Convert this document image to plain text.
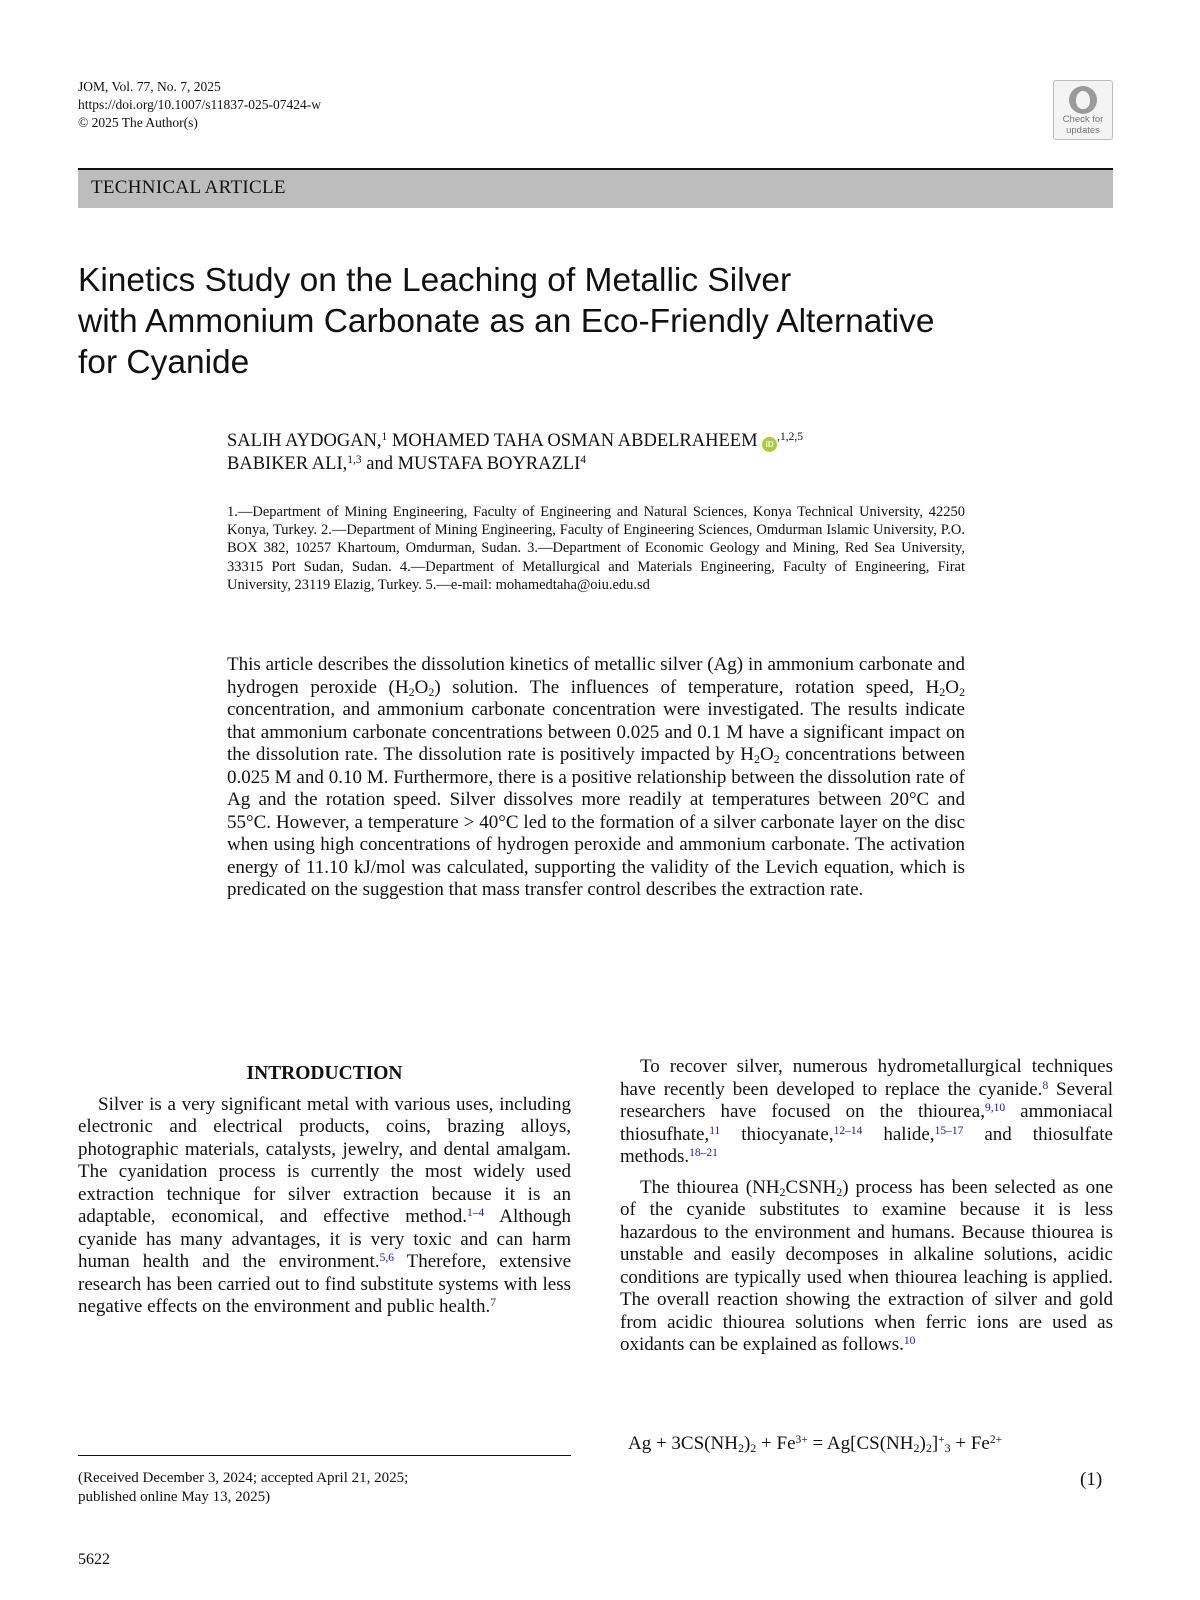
JOM, Vol. 77, No. 7, 2025
https://doi.org/10.1007/s11837-025-07424-w
© 2025 The Author(s)	Check for
updates
TECHNICAL ARTICLE
Kinetics Study on the Leaching of Metallic Silver
with Ammonium Carbonate as an Eco-Friendly Alternative
for Cyanide
SALIH AYDOGAN,$^1$ MOHAMED TAHA OSMAN ABDELRAHEEM $iD^{,1,2,5}$
BABIKER ALI,$^{1,3}$ and MUSTAFA BOYRAZLI$^4$
1.—Department of Mining Engineering, Faculty of Engineering and Natural Sciences, Konya Technical University, 42250 Konya, Turkey. 2.—Department of Mining Engineering, Faculty of Engineering Sciences, Omdurman Islamic University, P.O. BOX 382, 10257 Khartoum, Omdurman, Sudan. 3.—Department of Economic Geology and Mining, Red Sea University, 33315 Port Sudan, Sudan. 4.—Department of Metallurgical and Materials Engineering, Faculty of Engineering, Firat University, 23119 Elazig, Turkey. 5.—e-mail: mohamedtaha@oiu.edu.sd
This article describes the dissolution kinetics of metallic silver (Ag) in ammonium carbonate and hydrogen peroxide $(H_2O_2)$ solution. The influences of temperature, rotation speed, $H_2O_2$ concentration, and ammonium carbonate concentration were investigated. The results indicate that ammonium carbonate concentrations between 0.025 and 0.1 M have a significant impact on the dissolution rate. The dissolution rate is positively impacted by $H_2O_2$ concentrations between 0.025 M and 0.10 M. Furthermore, there is a positive relationship between the dissolution rate of Ag and the rotation speed. Silver dissolves more readily at temperatures between 20°C and 55°C. However, a temperature > 40°C led to the formation of a silver carbonate layer on the disc when using high concentrations of hydrogen peroxide and ammonium carbonate. The activation energy of 11.10 kJ/mol was calculated, supporting the validity of the Levich equation, which is predicated on the suggestion that mass transfer control describes the extraction rate.
INTRODUCTION

Silver is a very significant metal with various uses, including electronic and electrical products, coins, brazing alloys, photographic materials, catalysts, jewelry, and dental amalgam. The cyanidation process is currently the most widely used extraction technique for silver extraction because it is an adaptable, economical, and effective method.$^{1-4}$ Although cyanide has many advantages, it is very toxic and can harm human health and the environment.$^{5,6}$ Therefore, extensive research has been carried out to find substitute systems with less negative effects on the environment and public health.$^7$

To recover silver, numerous hydrometallurgical techniques have recently been developed to replace the cyanide.$^8$ Several researchers have focused on the thiourea,$^{9,10}$ ammoniacal thiosufhate,$^{11}$ thiocyanate,$^{12-14}$ halide,$^{15-17}$ and thiosulfate methods.$^{18-21}$

The thiourea $(NH_2CSNH_2)$ process has been selected as one of the cyanide substitutes to examine because it is less hazardous to the environment and humans. Because thiourea is unstable and easily decomposes in alkaline solutions, acidic conditions are typically used when thiourea leaching is applied. The overall reaction showing the extraction of silver and gold from acidic thiourea solutions when ferric ions are used as oxidants can be explained as follows.$^{10}$

$Ag + 3CS(NH_2)_2 + Fe^{3+} = Ag[CS(NH_2)_2]^+_3 + Fe^{2+}$
(1)
(Received December 3, 2024; accepted April 21, 2025;
published online May 13, 2025)
5622
